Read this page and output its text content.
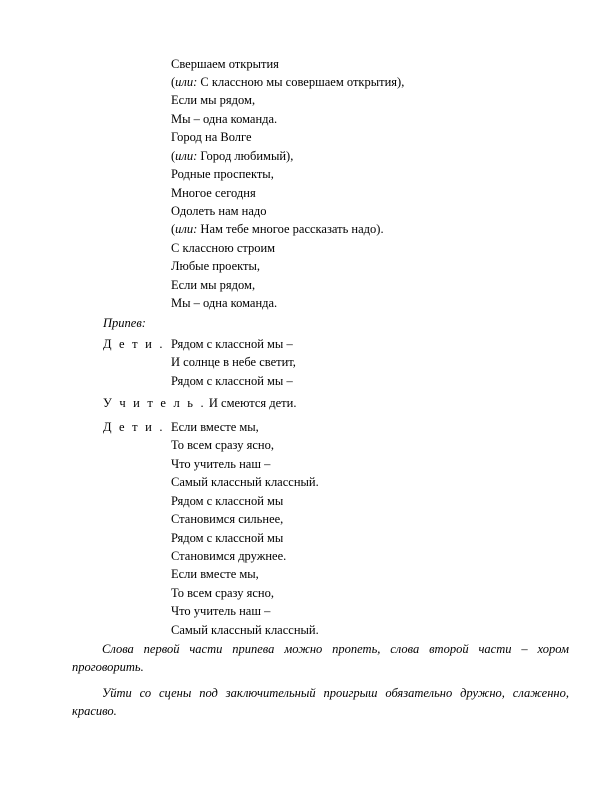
Свершаем открытия
(или: С классною мы совершаем открытия),
Если мы рядом,
Мы – одна команда.
Город на Волге
(или: Город любимый),
Родные проспекты,
Многое сегодня
Одолеть нам надо
(или: Нам тебе многое рассказать надо).
С классною строим
Любые проекты,
Если мы рядом,
Мы – одна команда.
Припев:
Д е т и . Рядом с классной мы –
И солнце в небе светит,
Рядом с классной мы –
У ч и т е л ь . И смеются дети.
Д е т и . Если вместе мы,
То всем сразу ясно,
Что учитель наш –
Самый классный классный.
Рядом с классной мы
Становимся сильнее,
Рядом с классной мы
Становимся дружнее.
Если вместе мы,
То всем сразу ясно,
Что учитель наш –
Самый классный классный.
Слова первой части припева можно пропеть, слова второй части – хором проговорить.
Уйти со сцены под заключительный проигрыш обязательно дружно, слаженно, красиво.
